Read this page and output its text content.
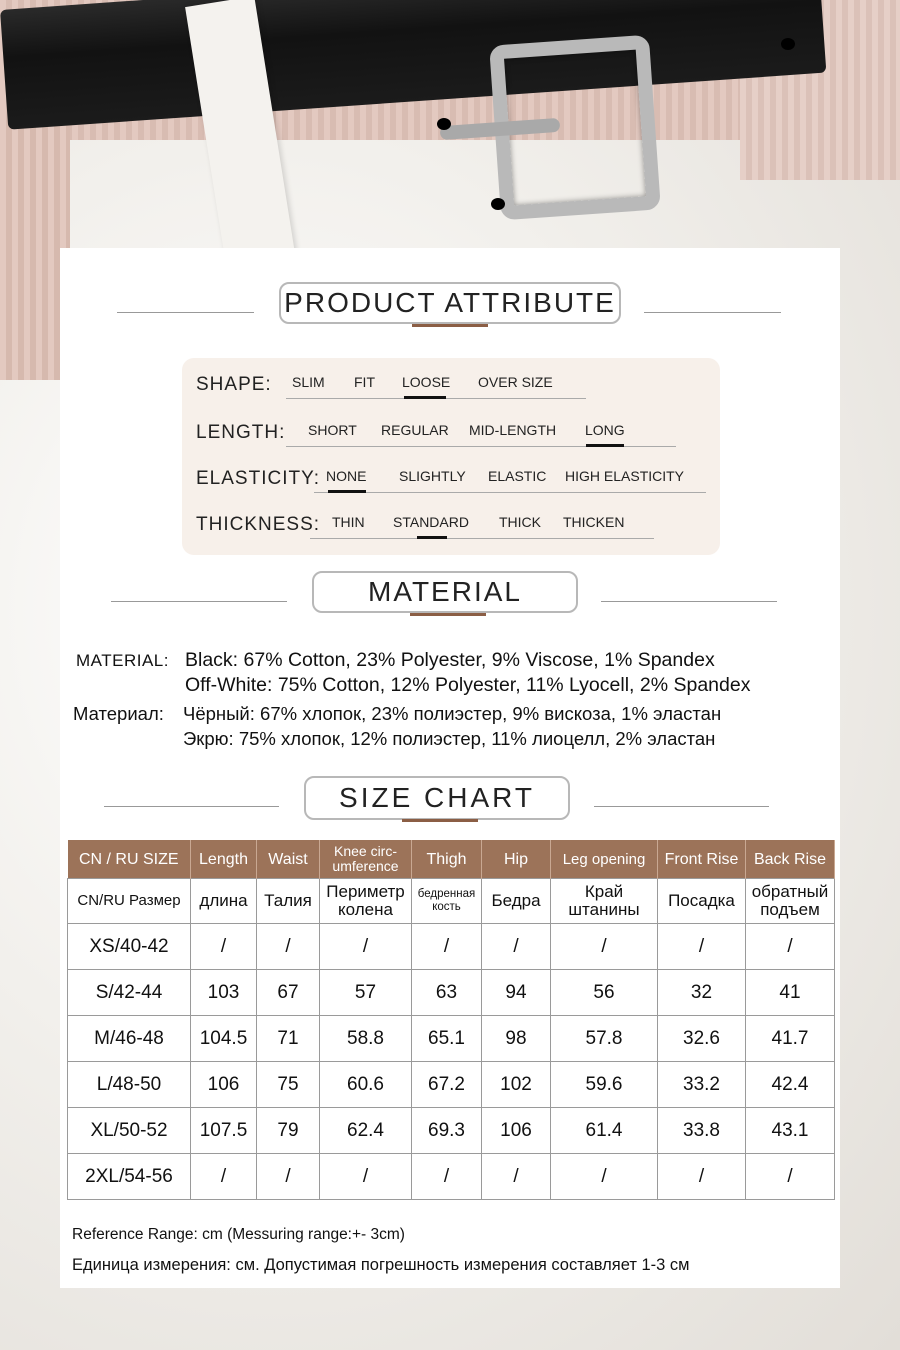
PRODUCT ATTRIBUTE
SHAPE: SLIM FIT LOOSE OVER SIZE
LENGTH: SHORT REGULAR MID-LENGTH LONG
ELASTICITY: NONE SLIGHTLY ELASTIC HIGH ELASTICITY
THICKNESS: THIN STANDARD THICK THICKEN
MATERIAL
MATERIAL: Black: 67% Cotton, 23% Polyester, 9% Viscose, 1% Spandex
Off-White: 75% Cotton, 12% Polyester, 11% Lyocell, 2% Spandex
Материал: Чёрный: 67% хлопок, 23% полиэстер, 9% вискоза, 1% эластан
Экрю: 75% хлопок, 12% полиэстер, 11% лиоцелл, 2% эластан
SIZE CHART
CN / RU SIZE	Length	Waist	Knee circ-umference	Thigh	Hip	Leg opening	Front Rise	Back Rise
CN/RU Размер	длина	Талия	Периметр колена	бедренная кость	Бедра	Край штанины	Посадка	обратный подъем
XS/40-42	/	/	/	/	/	/	/	/
S/42-44	103	67	57	63	94	56	32	41
M/46-48	104.5	71	58.8	65.1	98	57.8	32.6	41.7
L/48-50	106	75	60.6	67.2	102	59.6	33.2	42.4
XL/50-52	107.5	79	62.4	69.3	106	61.4	33.8	43.1
2XL/54-56	/	/	/	/	/	/	/	/
Reference Range: cm (Messuring range:+- 3cm)
Единица измерения: см. Допустимая погрешность измерения составляет 1-3 см
